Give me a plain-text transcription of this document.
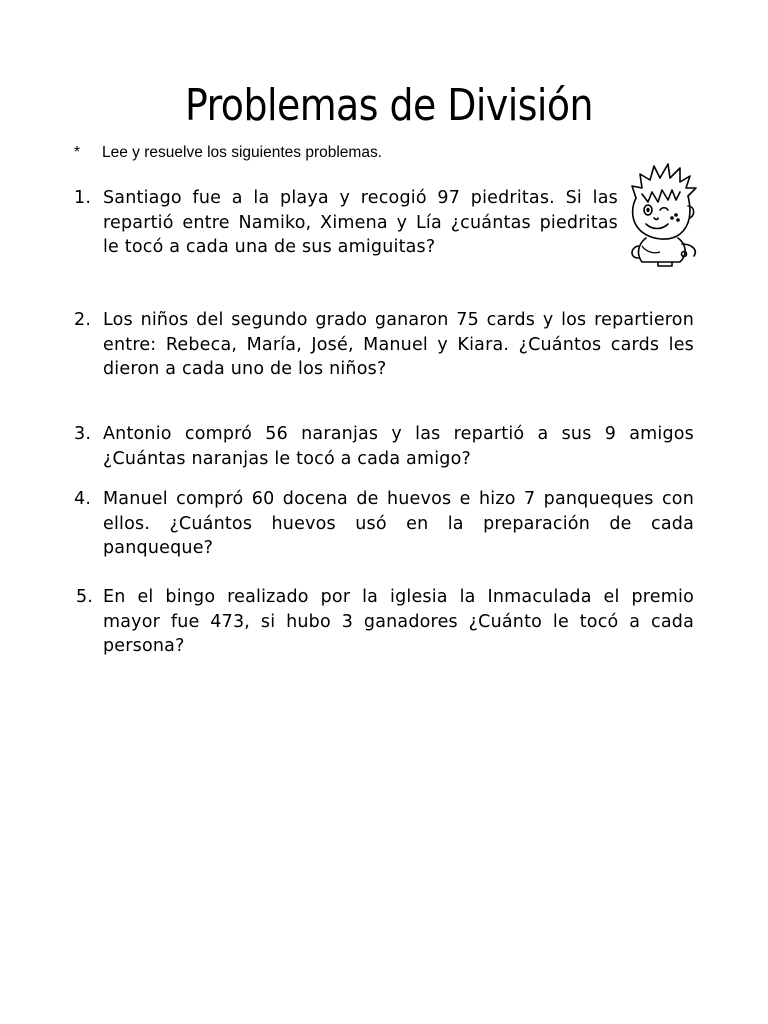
Problemas de División
* Lee y resuelve los siguientes problemas.
1. Santiago fue a la playa y recogió 97 piedritas. Si las repartió entre Namiko, Ximena y Lía ¿cuántas piedritas le tocó a cada una de sus amiguitas?
2. Los niños del segundo grado ganaron 75 cards y los repartieron entre: Rebeca, María, José, Manuel y Kiara. ¿Cuántos cards les dieron a cada uno de los niños?
3. Antonio compró 56 naranjas y las repartió a sus 9 amigos ¿Cuántas naranjas le tocó a cada amigo?
4. Manuel compró 60 docena de huevos e hizo 7 panqueques con ellos. ¿Cuántos huevos usó en la preparación de cada panqueque?
5. En el bingo realizado por la iglesia la Inmaculada el premio mayor fue 473, si hubo 3 ganadores ¿Cuánto le tocó a cada persona?
